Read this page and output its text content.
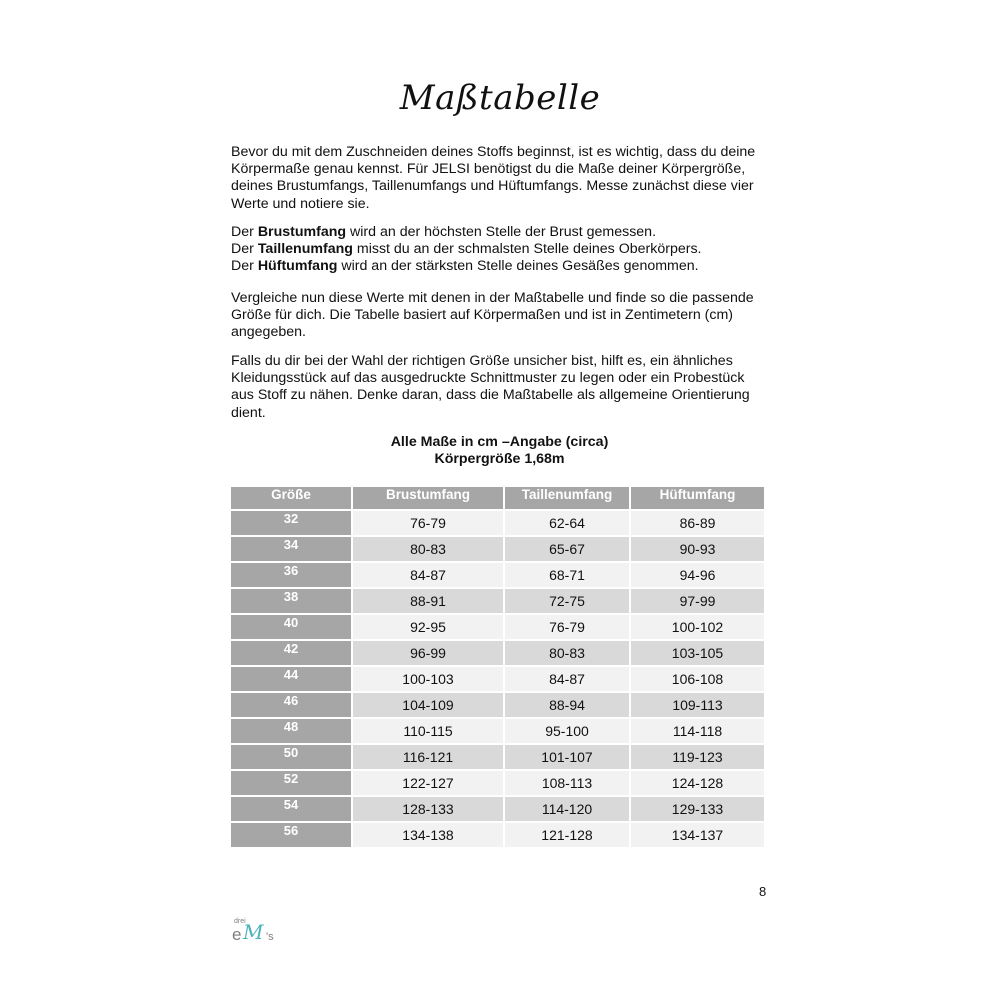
Maßtabelle

Bevor du mit dem Zuschneiden deines Stoffs beginnst, ist es wichtig, dass du deine Körpermaße genau kennst. Für JELSI benötigst du die Maße deiner Körpergröße, deines Brustumfangs, Taillenumfangs und Hüftumfangs. Messe zunächst diese vier Werte und notiere sie.

Der Brustumfang wird an der höchsten Stelle der Brust gemessen.

Der Taillenumfang misst du an der schmalsten Stelle deines Oberkörpers.

Der Hüftumfang wird an der stärksten Stelle deines Gesäßes genommen.

Vergleiche nun diese Werte mit denen in der Maßtabelle und finde so die passende Größe für dich. Die Tabelle basiert auf Körpermaßen und ist in Zentimetern (cm) angegeben.

Falls du dir bei der Wahl der richtigen Größe unsicher bist, hilft es, ein ähnliches Kleidungsstück auf das ausgedruckte Schnittmuster zu legen oder ein Probestück aus Stoff zu nähen. Denke daran, dass die Maßtabelle als allgemeine Orientierung dient.

Alle Maße in cm –Angabe (circa)
Körpergröße 1,68m
Größe	Brustumfang	Taillenumfang	Hüftumfang
32	76-79	62-64	86-89
34	80-83	65-67	90-93
36	84-87	68-71	94-96
38	88-91	72-75	97-99
40	92-95	76-79	100-102
42	96-99	80-83	103-105
44	100-103	84-87	106-108
46	104-109	88-94	109-113
48	110-115	95-100	114-118
50	116-121	101-107	119-123
52	122-127	108-113	124-128
54	128-133	114-120	129-133
56	134-138	121-128	134-137
8
drei
e M 's
